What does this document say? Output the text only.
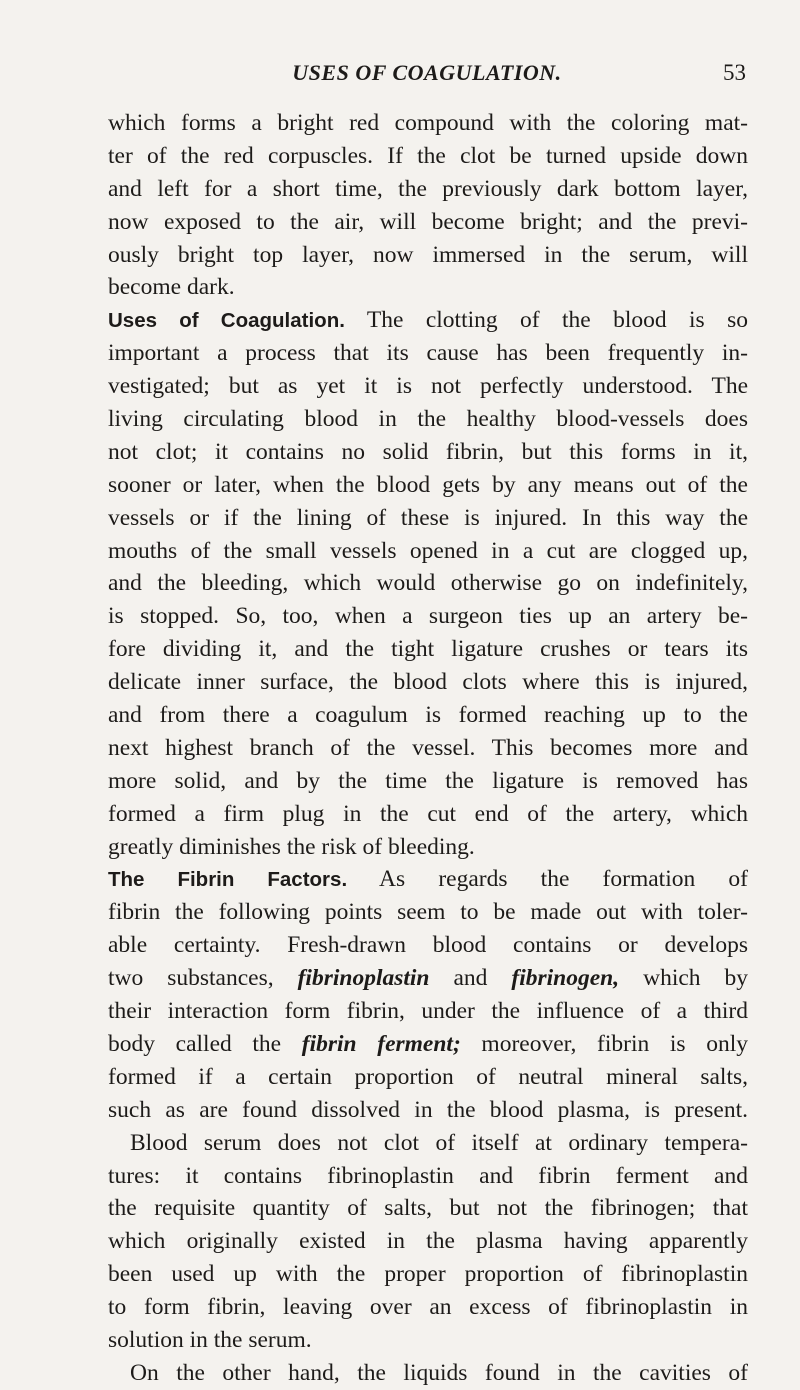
USES OF COAGULATION.	53
which forms a bright red compound with the coloring mat-
ter of the red corpuscles. If the clot be turned upside down
and left for a short time, the previously dark bottom layer,
now exposed to the air, will become bright; and the previ-
ously bright top layer, now immersed in the serum, will
become dark.
Uses of Coagulation. The clotting of the blood is so
important a process that its cause has been frequently in-
vestigated; but as yet it is not perfectly understood. The
living circulating blood in the healthy blood-vessels does
not clot; it contains no solid fibrin, but this forms in it,
sooner or later, when the blood gets by any means out of the
vessels or if the lining of these is injured. In this way the
mouths of the small vessels opened in a cut are clogged up,
and the bleeding, which would otherwise go on indefinitely,
is stopped. So, too, when a surgeon ties up an artery be-
fore dividing it, and the tight ligature crushes or tears its
delicate inner surface, the blood clots where this is injured,
and from there a coagulum is formed reaching up to the
next highest branch of the vessel. This becomes more and
more solid, and by the time the ligature is removed has
formed a firm plug in the cut end of the artery, which
greatly diminishes the risk of bleeding.
The Fibrin Factors. As regards the formation of
fibrin the following points seem to be made out with toler-
able certainty. Fresh-drawn blood contains or develops
two substances, fibrinoplastin and fibrinogen, which by
their interaction form fibrin, under the influence of a third
body called the fibrin ferment; moreover, fibrin is only
formed if a certain proportion of neutral mineral salts,
such as are found dissolved in the blood plasma, is present.
Blood serum does not clot of itself at ordinary tempera-
tures: it contains fibrinoplastin and fibrin ferment and
the requisite quantity of salts, but not the fibrinogen; that
which originally existed in the plasma having apparently
been used up with the proper proportion of fibrinoplastin
to form fibrin, leaving over an excess of fibrinoplastin in
solution in the serum.
On the other hand, the liquids found in the cavities of
